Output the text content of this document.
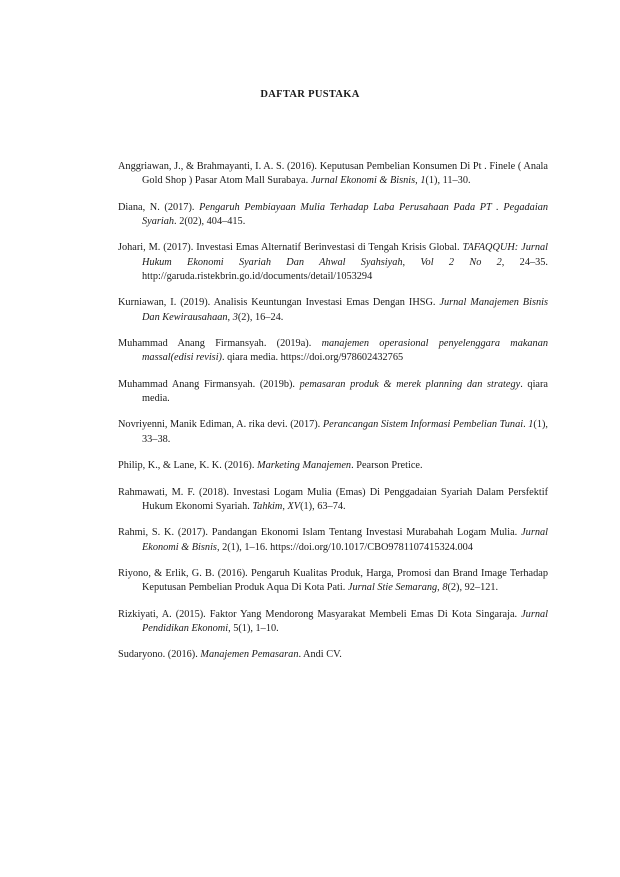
DAFTAR PUSTAKA
Anggriawan, J., & Brahmayanti, I. A. S. (2016). Keputusan Pembelian Konsumen Di Pt . Finele ( Anala Gold Shop ) Pasar Atom Mall Surabaya. Jurnal Ekonomi & Bisnis, 1(1), 11–30.
Diana, N. (2017). Pengaruh Pembiayaan Mulia Terhadap Laba Perusahaan Pada PT . Pegadaian Syariah. 2(02), 404–415.
Johari, M. (2017). Investasi Emas Alternatif Berinvestasi di Tengah Krisis Global. TAFAQQUH: Jurnal Hukum Ekonomi Syariah Dan Ahwal Syahsiyah, Vol 2 No 2, 24–35. http://garuda.ristekbrin.go.id/documents/detail/1053294
Kurniawan, I. (2019). Analisis Keuntungan Investasi Emas Dengan IHSG. Jurnal Manajemen Bisnis Dan Kewirausahaan, 3(2), 16–24.
Muhammad Anang Firmansyah. (2019a). manajemen operasional penyelenggara makanan massal(edisi revisi). qiara media. https://doi.org/978602432765
Muhammad Anang Firmansyah. (2019b). pemasaran produk & merek planning dan strategy. qiara media.
Novriyenni, Manik Ediman, A. rika devi. (2017). Perancangan Sistem Informasi Pembelian Tunai. 1(1), 33–38.
Philip, K., & Lane, K. K. (2016). Marketing Manajemen. Pearson Pretice.
Rahmawati, M. F. (2018). Investasi Logam Mulia (Emas) Di Penggadaian Syariah Dalam Persfektif Hukum Ekonomi Syariah. Tahkim, XV(1), 63–74.
Rahmi, S. K. (2017). Pandangan Ekonomi Islam Tentang Investasi Murabahah Logam Mulia. Jurnal Ekonomi & Bisnis, 2(1), 1–16. https://doi.org/10.1017/CBO9781107415324.004
Riyono, & Erlik, G. B. (2016). Pengaruh Kualitas Produk, Harga, Promosi dan Brand Image Terhadap Keputusan Pembelian Produk Aqua Di Kota Pati. Jurnal Stie Semarang, 8(2), 92–121.
Rizkiyati, A. (2015). Faktor Yang Mendorong Masyarakat Membeli Emas Di Kota Singaraja. Jurnal Pendidikan Ekonomi, 5(1), 1–10.
Sudaryono. (2016). Manajemen Pemasaran. Andi CV.
